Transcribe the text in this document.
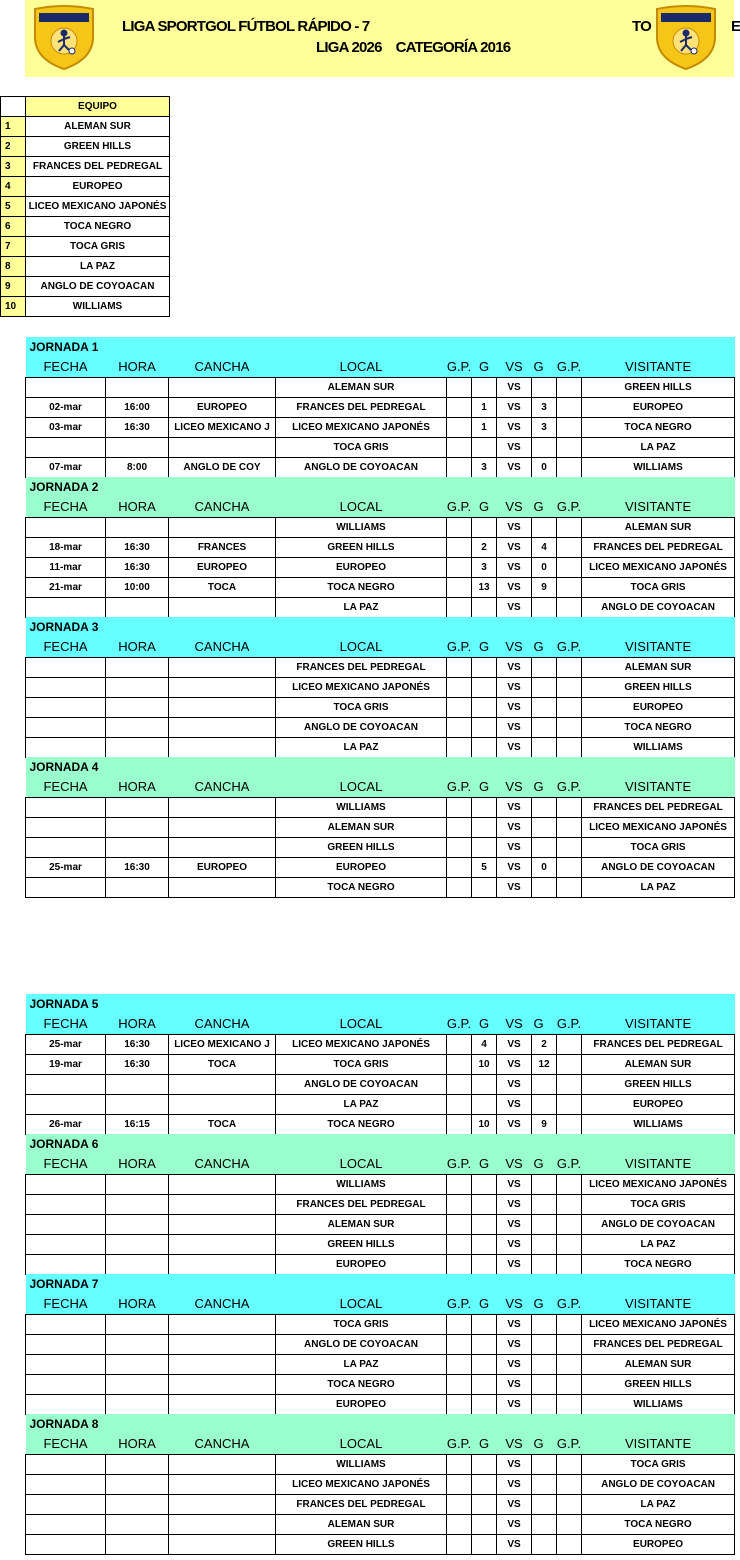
LIGA SPORTGOL FÚTBOL RÁPIDO - 7
LIGA 2026 CATEGORÍA 2016
TO	E
	EQUIPO
1	ALEMAN SUR
2	GREEN HILLS
3	FRANCES DEL PEDREGAL
4	EUROPEO
5	LICEO MEXICANO JAPONÉS
6	TOCA NEGRO
7	TOCA GRIS
8	LA PAZ
9	ANGLO DE COYOACAN
10	WILLIAMS
JORNADA 1									
FECHA	HORA	CANCHA	LOCAL	G.P.	G	VS	G	G.P.	VISITANTE
			ALEMAN SUR			VS			GREEN HILLS
02-mar	16:00	EUROPEO	FRANCES DEL PEDREGAL		1	VS	3		EUROPEO
03-mar	16:30	LICEO MEXICANO J	LICEO MEXICANO JAPONÉS		1	VS	3		TOCA NEGRO
			TOCA GRIS			VS			LA PAZ
07-mar	8:00	ANGLO DE COY	ANGLO DE COYOACAN		3	VS	0		WILLIAMS
JORNADA 2									
FECHA	HORA	CANCHA	LOCAL	G.P.	G	VS	G	G.P.	VISITANTE
			WILLIAMS			VS			ALEMAN SUR
18-mar	16:30	FRANCES	GREEN HILLS		2	VS	4		FRANCES DEL PEDREGAL
11-mar	16:30	EUROPEO	EUROPEO		3	VS	0		LICEO MEXICANO JAPONÉS
21-mar	10:00	TOCA	TOCA NEGRO		13	VS	9		TOCA GRIS
			LA PAZ			VS			ANGLO DE COYOACAN
JORNADA 3									
FECHA	HORA	CANCHA	LOCAL	G.P.	G	VS	G	G.P.	VISITANTE
			FRANCES DEL PEDREGAL			VS			ALEMAN SUR
			LICEO MEXICANO JAPONÉS			VS			GREEN HILLS
			TOCA GRIS			VS			EUROPEO
			ANGLO DE COYOACAN			VS			TOCA NEGRO
			LA PAZ			VS			WILLIAMS
JORNADA 4									
FECHA	HORA	CANCHA	LOCAL	G.P.	G	VS	G	G.P.	VISITANTE
			WILLIAMS			VS			FRANCES DEL PEDREGAL
			ALEMAN SUR			VS			LICEO MEXICANO JAPONÉS
			GREEN HILLS			VS			TOCA GRIS
25-mar	16:30	EUROPEO	EUROPEO		5	VS	0		ANGLO DE COYOACAN
			TOCA NEGRO			VS			LA PAZ
JORNADA 5									
FECHA	HORA	CANCHA	LOCAL	G.P.	G	VS	G	G.P.	VISITANTE
25-mar	16:30	LICEO MEXICANO J	LICEO MEXICANO JAPONÉS		4	VS	2		FRANCES DEL PEDREGAL
19-mar	16:30	TOCA	TOCA GRIS		10	VS	12		ALEMAN SUR
			ANGLO DE COYOACAN			VS			GREEN HILLS
			LA PAZ			VS			EUROPEO
26-mar	16:15	TOCA	TOCA NEGRO		10	VS	9		WILLIAMS
JORNADA 6									
FECHA	HORA	CANCHA	LOCAL	G.P.	G	VS	G	G.P.	VISITANTE
			WILLIAMS			VS			LICEO MEXICANO JAPONÉS
			FRANCES DEL PEDREGAL			VS			TOCA GRIS
			ALEMAN SUR			VS			ANGLO DE COYOACAN
			GREEN HILLS			VS			LA PAZ
			EUROPEO			VS			TOCA NEGRO
JORNADA 7									
FECHA	HORA	CANCHA	LOCAL	G.P.	G	VS	G	G.P.	VISITANTE
			TOCA GRIS			VS			LICEO MEXICANO JAPONÉS
			ANGLO DE COYOACAN			VS			FRANCES DEL PEDREGAL
			LA PAZ			VS			ALEMAN SUR
			TOCA NEGRO			VS			GREEN HILLS
			EUROPEO			VS			WILLIAMS
JORNADA 8									
FECHA	HORA	CANCHA	LOCAL	G.P.	G	VS	G	G.P.	VISITANTE
			WILLIAMS			VS			TOCA GRIS
			LICEO MEXICANO JAPONÉS			VS			ANGLO DE COYOACAN
			FRANCES DEL PEDREGAL			VS			LA PAZ
			ALEMAN SUR			VS			TOCA NEGRO
			GREEN HILLS			VS			EUROPEO
